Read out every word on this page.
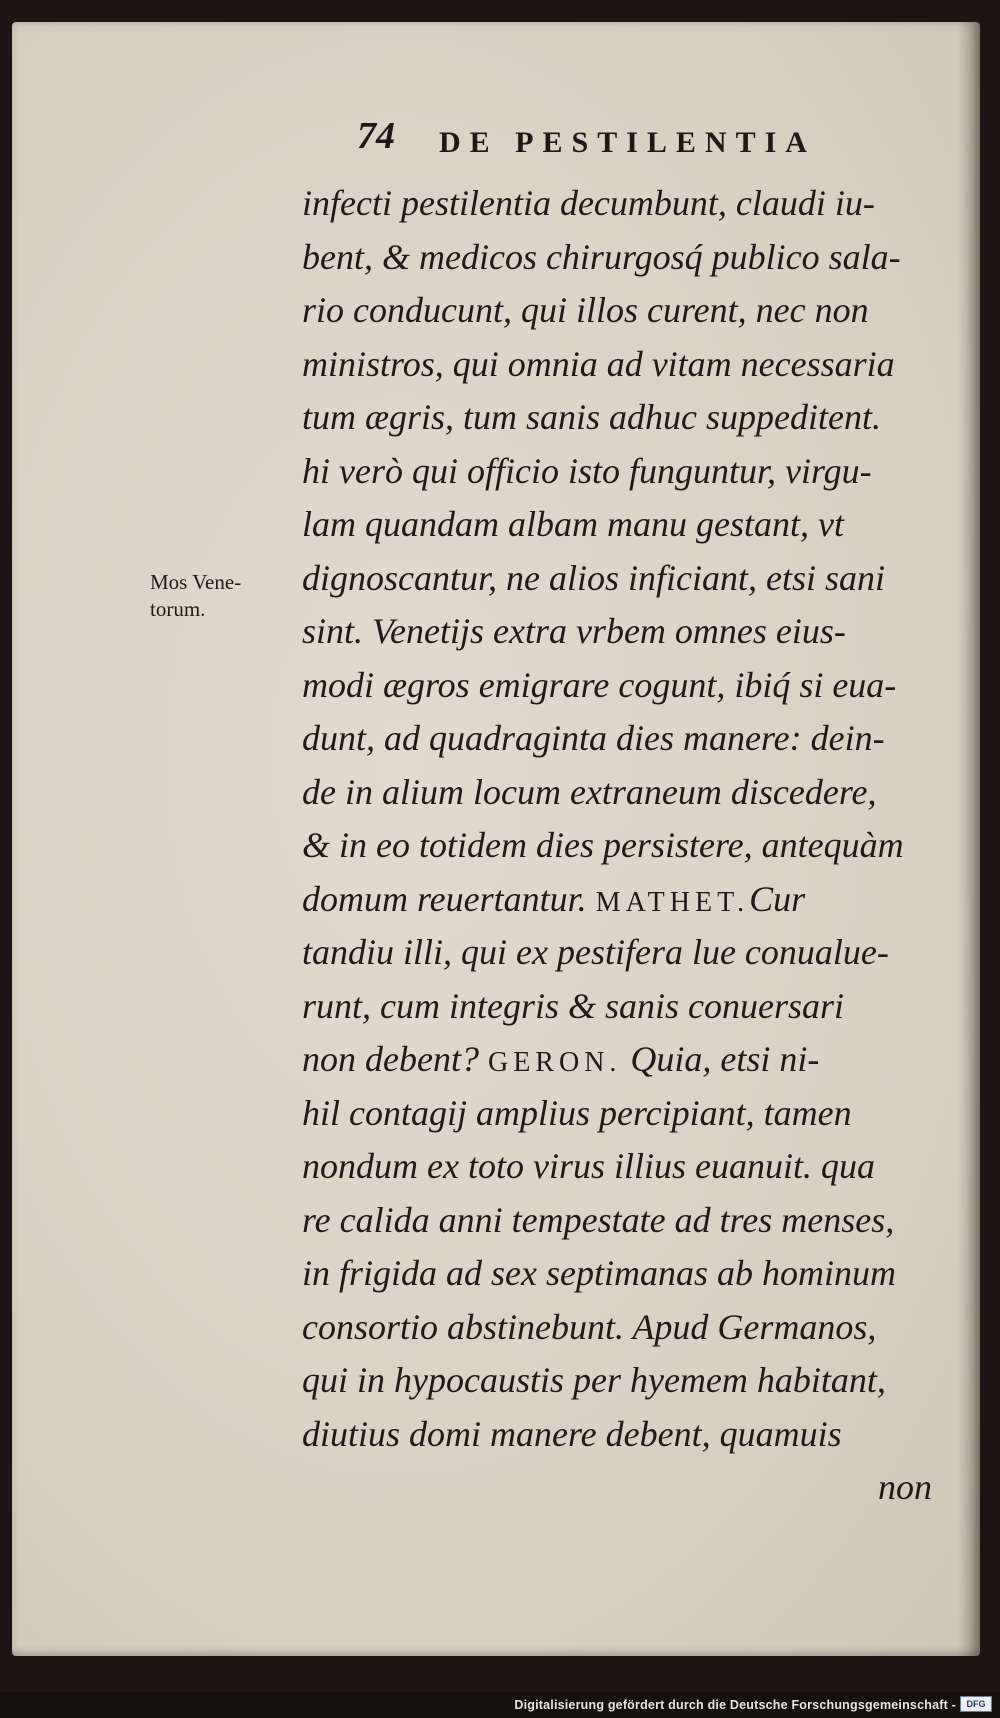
74 DE PESTILENTIA
Mos Vene-
torum.
infecti pestilentia decumbunt, claudi iu-
bent, & medicos chirurgosq́ publico sala-
rio conducunt, qui illos curent, nec non
ministros, qui omnia ad vitam necessaria
tum ægris, tum sanis adhuc suppeditent.
hi verò qui officio isto funguntur, virgu-
lam quandam albam manu gestant, vt
dignoscantur, ne alios inficiant, etsi sani
sint. Venetijs extra vrbem omnes eius-
modi ægros emigrare cogunt, ibiq́ si eua-
dunt, ad quadraginta dies manere: dein-
de in alium locum extraneum discedere,
& in eo totidem dies persistere, antequàm
domum reuertantur. MATHET.Cur
tandiu illi, qui ex pestifera lue conualue-
runt, cum integris & sanis conuersari
non debent? GERON. Quia, etsi ni-
hil contagij amplius percipiant, tamen
nondum ex toto virus illius euanuit. qua
re calida anni tempestate ad tres menses,
in frigida ad sex septimanas ab hominum
consortio abstinebunt. Apud Germanos,
qui in hypocaustis per hyemem habitant,
diutius domi manere debent, quamuis
non
Digitalisierung gefördert durch die Deutsche Forschungsgemeinschaft -	DFG
